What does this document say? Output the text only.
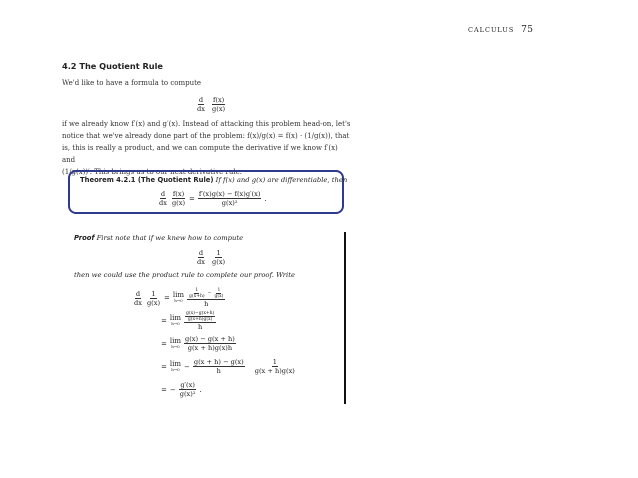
CALCULUS 75
4.2 The Quotient Rule
We'd like to have a formula to compute
$\frac{d}{dx}$
$\frac{f(x)}{g(x)}$
if we already know f′(x) and g′(x). Instead of attacking this problem head-on, let's
notice that we've already done part of the problem: f(x)/g(x) = f(x) · (1/g(x)), that
is, this is really a product, and we can compute the derivative if we know f′(x) and
(1/g(x))′. This brings us to our next derivative rule.
Theorem 4.2.1 (The Quotient Rule) If f(x) and g(x) are differentiable, then
$\frac{d}{dx} \frac{f(x)}{g(x)} = \frac{f'(x)g(x) - f(x)g'(x)}{\text{g(x)²}}$ .
Proof First note that if we knew how to compute
$\frac{d}{dx}$
$\frac{1}{g(x)}$
then we could use the product rule to complete our proof. Write
$\frac{d}{dx} \frac{1}{g(x)} = \lim$
h→0
$\frac{1}{g(x+h)} - \frac{1}{g(x)}$
h
= lim
$h\to 0 \frac{\frac{g(x)-g(x+h)}{g(x+h)g(x)}}{h}$
= lim
$h\to 0 \frac{g(x) - g(x + h)}{g(x + h)g(x)h}$
= lim
$h\to 0 - \frac{g(x + h) - g(x)}{h} \frac{1}{g(x + h)g(x)}$
= − $\frac{g'(x)}{\text{g(x)²}}$ .
